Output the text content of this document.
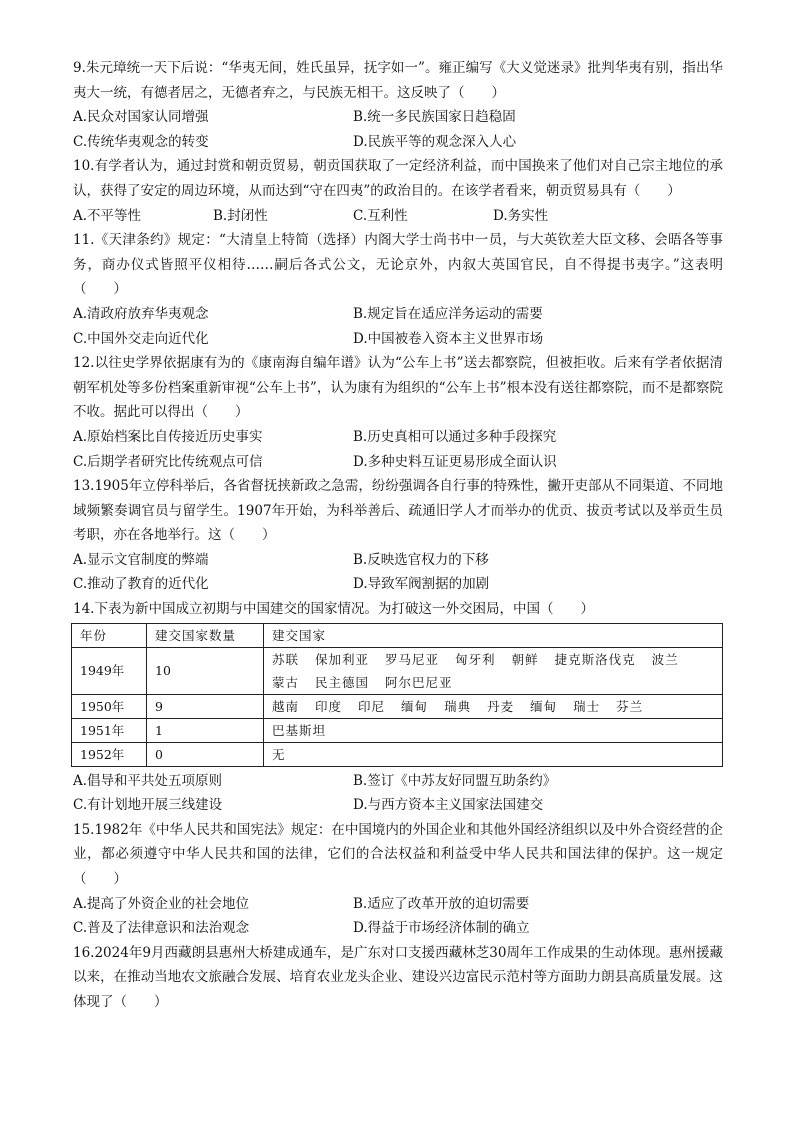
9.朱元璋统一天下后说：“华夷无间，姓氏虽异，抚字如一”。雍正编写《大义觉迷录》批判华夷有别，指出华夷大一统，有德者居之，无德者弃之，与民族无相干。这反映了（　　）

A.民众对国家认同增强	B.统一多民族国家日趋稳固
C.传统华夷观念的转变	D.民族平等的观念深入人心

10.有学者认为，通过封赏和朝贡贸易，朝贡国获取了一定经济利益，而中国换来了他们对自己宗主地位的承认，获得了安定的周边环境，从而达到“守在四夷”的政治目的。在该学者看来，朝贡贸易具有（　　）

A.不平等性	B.封闭性	C.互利性	D.务实性

11.《天津条约》规定：“大清皇上特简（选择）内阁大学士尚书中一员，与大英钦差大臣文移、会晤各等事务，商办仪式皆照平仪相待……嗣后各式公文，无论京外，内叙大英国官民，自不得提书夷字。”这表明（　　）

A.清政府放弃华夷观念	B.规定旨在适应洋务运动的需要
C.中国外交走向近代化	D.中国被卷入资本主义世界市场

12.以往史学界依据康有为的《康南海自编年谱》认为“公车上书”送去都察院，但被拒收。后来有学者依据清朝军机处等多份档案重新审视“公车上书”，认为康有为组织的“公车上书”根本没有送往都察院，而不是都察院不收。据此可以得出（　　）

A.原始档案比自传接近历史事实	B.历史真相可以通过多种手段探究
C.后期学者研究比传统观点可信	D.多种史料互证更易形成全面认识

13.1905年立停科举后，各省督抚挟新政之急需，纷纷强调各自行事的特殊性，撇开吏部从不同渠道、不同地域频繁奏调官员与留学生。1907年开始，为科举善后、疏通旧学人才而举办的优贡、拔贡考试以及举贡生员考职，亦在各地举行。这（　　）

A.显示文官制度的弊端	B.反映选官权力的下移
C.推动了教育的近代化	D.导致军阀割据的加剧

14.下表为新中国成立初期与中国建交的国家情况。为打破这一外交困局，中国（　　）

年份	建交国家数量	建交国家
1949年	10	苏联 保加利亚 罗马尼亚 匈牙利 朝鲜 捷克斯洛伐克 波兰
蒙古 民主德国 阿尔巴尼亚

1950年	9	越南 印度 印尼 缅甸 瑞典 丹麦 缅甸 瑞士 芬兰

1951年	1	巴基斯坦

1952年	0	无
A.倡导和平共处五项原则	B.签订《中苏友好同盟互助条约》
C.有计划地开展三线建设	D.与西方资本主义国家法国建交

15.1982年《中华人民共和国宪法》规定：在中国境内的外国企业和其他外国经济组织以及中外合资经营的企业，都必须遵守中华人民共和国的法律，它们的合法权益和利益受中华人民共和国法律的保护。这一规定（　　）

A.提高了外资企业的社会地位	B.适应了改革开放的迫切需要
C.普及了法律意识和法治观念	D.得益于市场经济体制的确立

16.2024年9月西藏朗县惠州大桥建成通车，是广东对口支援西藏林芝30周年工作成果的生动体现。惠州援藏以来，在推动当地农文旅融合发展、培育农业龙头企业、建设兴边富民示范村等方面助力朗县高质量发展。这体现了（　　）
